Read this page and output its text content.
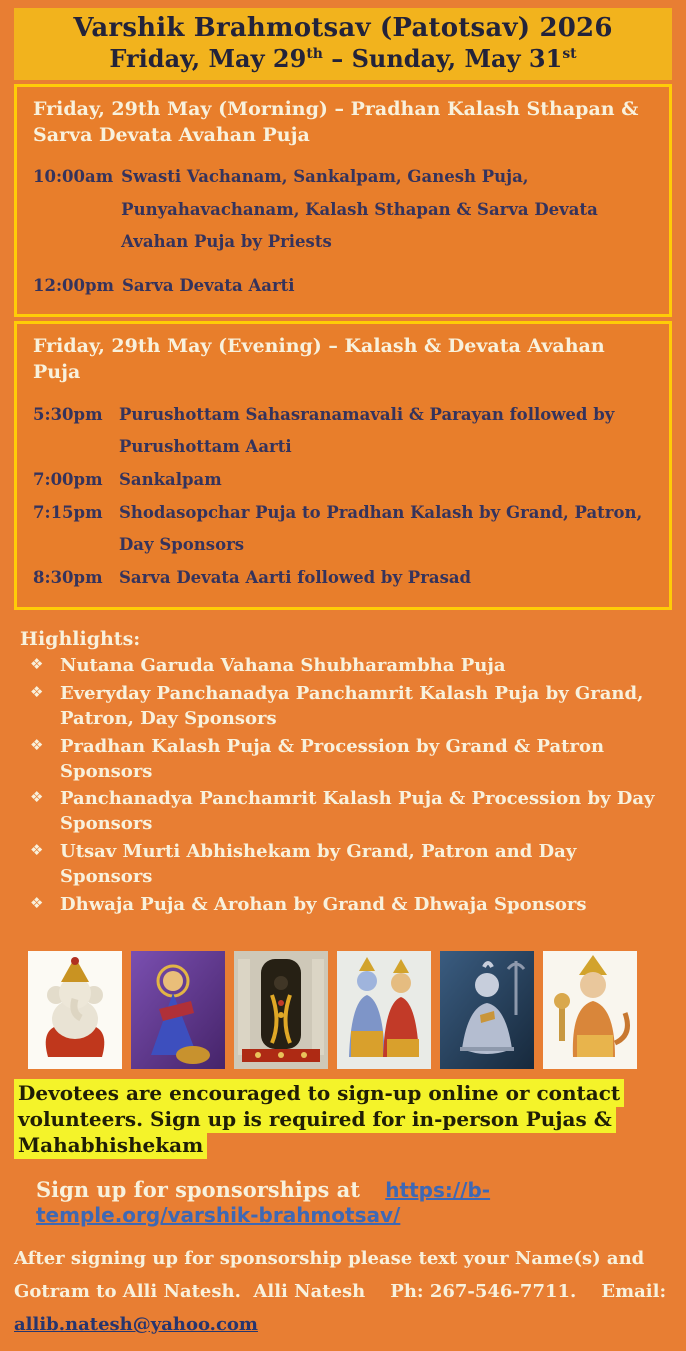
Varshik Brahmotsav (Patotsav) 2026
Friday, May 29th – Sunday, May 31st
Friday, 29th May (Morning) – Pradhan Kalash Sthapan & Sarva Devata Avahan Puja
10:00am Swasti Vachanam, Sankalpam, Ganesh Puja, Punyahavachanam, Kalash Sthapan & Sarva Devata Avahan Puja by Priests
12:00pm Sarva Devata Aarti
Friday, 29th May (Evening) – Kalash & Devata Avahan Puja
5:30pm Purushottam Sahasranamavali & Parayan followed by Purushottam Aarti
7:00pm Sankalpam
7:15pm Shodasopchar Puja to Pradhan Kalash by Grand, Patron, Day Sponsors
8:30pm Sarva Devata Aarti followed by Prasad
Highlights:
❖ Nutana Garuda Vahana Shubharambha Puja
❖ Everyday Panchanadya Panchamrit Kalash Puja by Grand, Patron, Day Sponsors
❖ Pradhan Kalash Puja & Procession by Grand & Patron Sponsors
❖ Panchanadya Panchamrit Kalash Puja & Procession by Day Sponsors
❖ Utsav Murti Abhishekam by Grand, Patron and Day Sponsors
❖ Dhwaja Puja & Arohan by Grand & Dhwaja Sponsors

Devotees are encouraged to sign-up online or contact volunteers. Sign up is required for in-person Pujas & Mahabhishekam

Sign up for sponsorships at https://b-temple.org/varshik-brahmotsav/

After signing up for sponsorship please text your Name(s) and Gotram to Alli Natesh.  Alli Natesh    Ph: 267-546-7711.    Email: allib.natesh@yahoo.com
